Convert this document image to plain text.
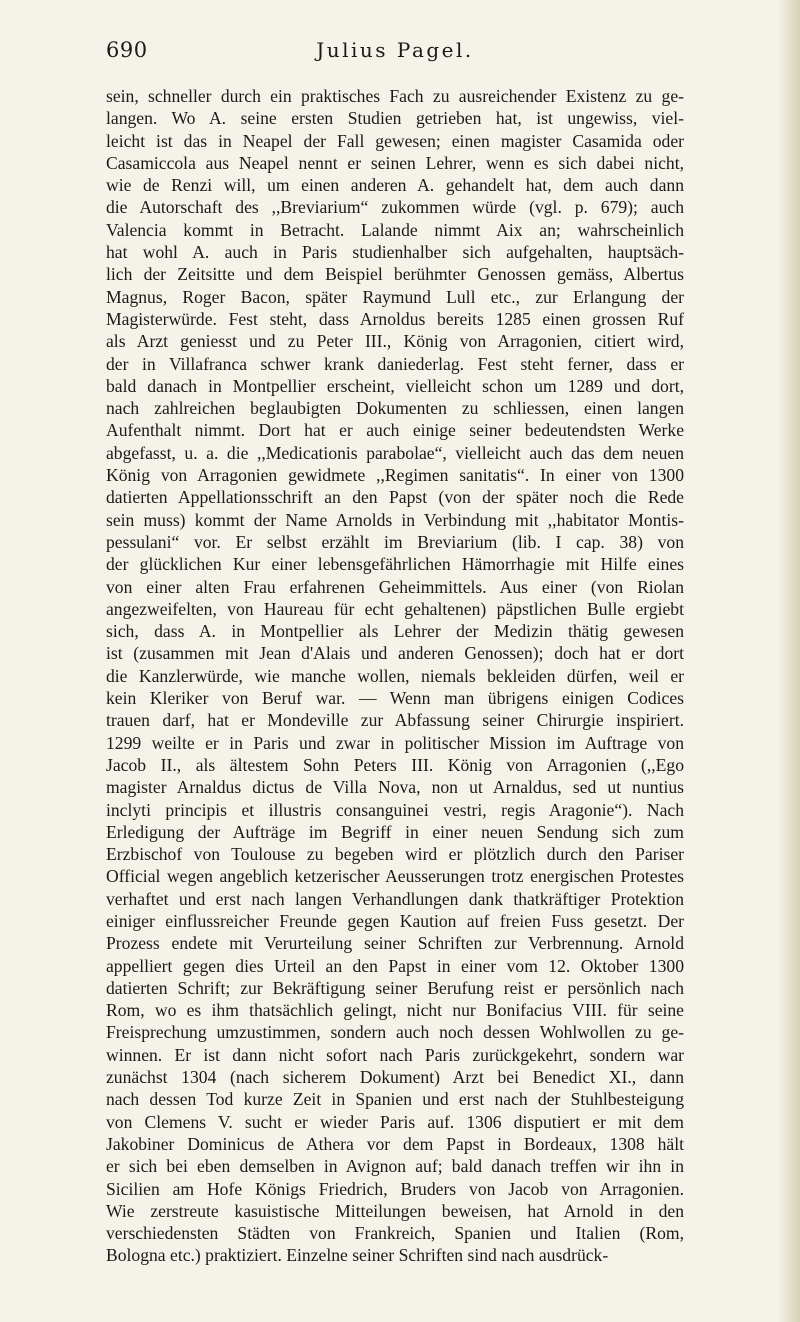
690	Julius Pagel.
sein, schneller durch ein praktisches Fach zu ausreichender Existenz zu ge-
langen. Wo A. seine ersten Studien getrieben hat, ist ungewiss, viel-
leicht ist das in Neapel der Fall gewesen; einen magister Casamida oder
Casamiccola aus Neapel nennt er seinen Lehrer, wenn es sich dabei nicht,
wie de Renzi will, um einen anderen A. gehandelt hat, dem auch dann
die Autorschaft des ,,Breviarium“ zukommen würde (vgl. p. 679); auch
Valencia kommt in Betracht. Lalande nimmt Aix an; wahrscheinlich
hat wohl A. auch in Paris studienhalber sich aufgehalten, hauptsäch-
lich der Zeitsitte und dem Beispiel berühmter Genossen gemäss, Albertus
Magnus, Roger Bacon, später Raymund Lull etc., zur Erlangung der
Magisterwürde. Fest steht, dass Arnoldus bereits 1285 einen grossen Ruf
als Arzt geniesst und zu Peter III., König von Arragonien, citiert wird,
der in Villafranca schwer krank daniederlag. Fest steht ferner, dass er
bald danach in Montpellier erscheint, vielleicht schon um 1289 und dort,
nach zahlreichen beglaubigten Dokumenten zu schliessen, einen langen
Aufenthalt nimmt. Dort hat er auch einige seiner bedeutendsten Werke
abgefasst, u. a. die ,,Medicationis parabolae“, vielleicht auch das dem neuen
König von Arragonien gewidmete ,,Regimen sanitatis“. In einer von 1300
datierten Appellationsschrift an den Papst (von der später noch die Rede
sein muss) kommt der Name Arnolds in Verbindung mit ,,habitator Montis-
pessulani“ vor. Er selbst erzählt im Breviarium (lib. I cap. 38) von
der glücklichen Kur einer lebensgefährlichen Hämorrhagie mit Hilfe eines
von einer alten Frau erfahrenen Geheimmittels. Aus einer (von Riolan
angezweifelten, von Haureau für echt gehaltenen) päpstlichen Bulle ergiebt
sich, dass A. in Montpellier als Lehrer der Medizin thätig gewesen
ist (zusammen mit Jean d'Alais und anderen Genossen); doch hat er dort
die Kanzlerwürde, wie manche wollen, niemals bekleiden dürfen, weil er
kein Kleriker von Beruf war. — Wenn man übrigens einigen Codices
trauen darf, hat er Mondeville zur Abfassung seiner Chirurgie inspiriert.
1299 weilte er in Paris und zwar in politischer Mission im Auftrage von
Jacob II., als ältestem Sohn Peters III. König von Arragonien (,,Ego
magister Arnaldus dictus de Villa Nova, non ut Arnaldus, sed ut nuntius
inclyti principis et illustris consanguinei vestri, regis Aragonie“). Nach
Erledigung der Aufträge im Begriff in einer neuen Sendung sich zum
Erzbischof von Toulouse zu begeben wird er plötzlich durch den Pariser
Official wegen angeblich ketzerischer Aeusserungen trotz energischen Protestes
verhaftet und erst nach langen Verhandlungen dank thatkräftiger Protektion
einiger einflussreicher Freunde gegen Kaution auf freien Fuss gesetzt. Der
Prozess endete mit Verurteilung seiner Schriften zur Verbrennung. Arnold
appelliert gegen dies Urteil an den Papst in einer vom 12. Oktober 1300
datierten Schrift; zur Bekräftigung seiner Berufung reist er persönlich nach
Rom, wo es ihm thatsächlich gelingt, nicht nur Bonifacius VIII. für seine
Freisprechung umzustimmen, sondern auch noch dessen Wohlwollen zu ge-
winnen. Er ist dann nicht sofort nach Paris zurückgekehrt, sondern war
zunächst 1304 (nach sicherem Dokument) Arzt bei Benedict XI., dann
nach dessen Tod kurze Zeit in Spanien und erst nach der Stuhlbesteigung
von Clemens V. sucht er wieder Paris auf. 1306 disputiert er mit dem
Jakobiner Dominicus de Athera vor dem Papst in Bordeaux, 1308 hält
er sich bei eben demselben in Avignon auf; bald danach treffen wir ihn in
Sicilien am Hofe Königs Friedrich, Bruders von Jacob von Arragonien.
Wie zerstreute kasuistische Mitteilungen beweisen, hat Arnold in den
verschiedensten Städten von Frankreich, Spanien und Italien (Rom,
Bologna etc.) praktiziert. Einzelne seiner Schriften sind nach ausdrück-
